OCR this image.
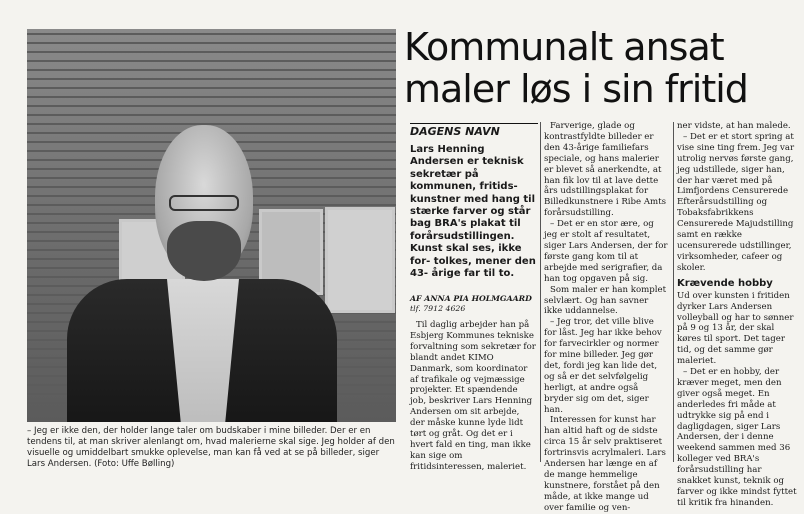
– Jeg er ikke den, der holder lange taler om budskaber i mine billeder. Der er en tendens til, at man skriver alenlangt om, hvad malerierne skal sige. Jeg holder af den visuelle og umiddelbart smukke oplevelse, man kan få ved at se på billeder, siger Lars Andersen. (Foto: Uffe Bølling)
Kommunalt ansat maler løs i sin fritid
DAGENS NAVN
Lars Henning Andersen er teknisk sekretær på kommunen, fritids- kunstner med hang til stærke farver og står bag BRA's plakat til forårsudstillingen. Kunst skal ses, ikke for- tolkes, mener den 43- årige far til to.
AF ANNA PIA HOLMGAARD
tlf. 7912 4626

Til daglig arbejder han på Esbjerg Kommunes tekniske forvaltning som sekretær for blandt andet KIMO Danmark, som koordinator af trafikale og vejmæssige projekter. Et spændende job, beskriver Lars Henning Andersen om sit arbejde, der måske kunne lyde lidt tørt og gråt. Og det er i hvert fald en ting, man ikke kan sige om fritidsinteressen, maleriet.

Farverige, glade og kontrastfyldte billeder er den 43-årige familiefars speciale, og hans malerier er blevet så anerkendte, at han fik lov til at lave dette års udstillingsplakat for Billedkunstnere i Ribe Amts forårsudstilling.

– Det er en stor ære, og jeg er stolt af resultatet, siger Lars Andersen, der for første gang kom til at arbejde med serigrafier, da han tog opgaven på sig.

Som maler er han komplet selvlært. Og han savner ikke uddannelse.

– Jeg tror, det ville blive for låst. Jeg har ikke behov for farvecirkler og normer for mine billeder. Jeg gør det, fordi jeg kan lide det, og så er det selvfølgelig herligt, at andre også bryder sig om det, siger han.

Interessen for kunst har han altid haft og de sidste circa 15 år selv praktiseret fortrinsvis acrylmaleri. Lars Andersen har længe en af de mange hemmelige kunstnere, forstået på den måde, at ikke mange ud over familie og ven-

ner vidste, at han malede.

– Det er et stort spring at vise sine ting frem. Jeg var utrolig nervøs første gang, jeg udstillede, siger han, der har været med på Limfjordens Censurerede Efterårsudstilling og Tobaksfabrikkens Censurerede Majudstilling samt en række ucensurerede udstillinger, virksomheder, cafeer og skoler.

Krævende hobby

Ud over kunsten i fritiden dyrker Lars Andersen volleyball og har to sønner på 9 og 13 år, der skal køres til sport. Det tager tid, og det samme gør maleriet.

– Det er en hobby, der kræver meget, men den giver også meget. En anderledes fri måde at udtrykke sig på end i dagligdagen, siger Lars Andersen, der i denne weekend sammen med 36 kolleger ved BRA's forårsudstilling har snakket kunst, teknik og farver og ikke mindst fyttet til kritik fra hinanden.
